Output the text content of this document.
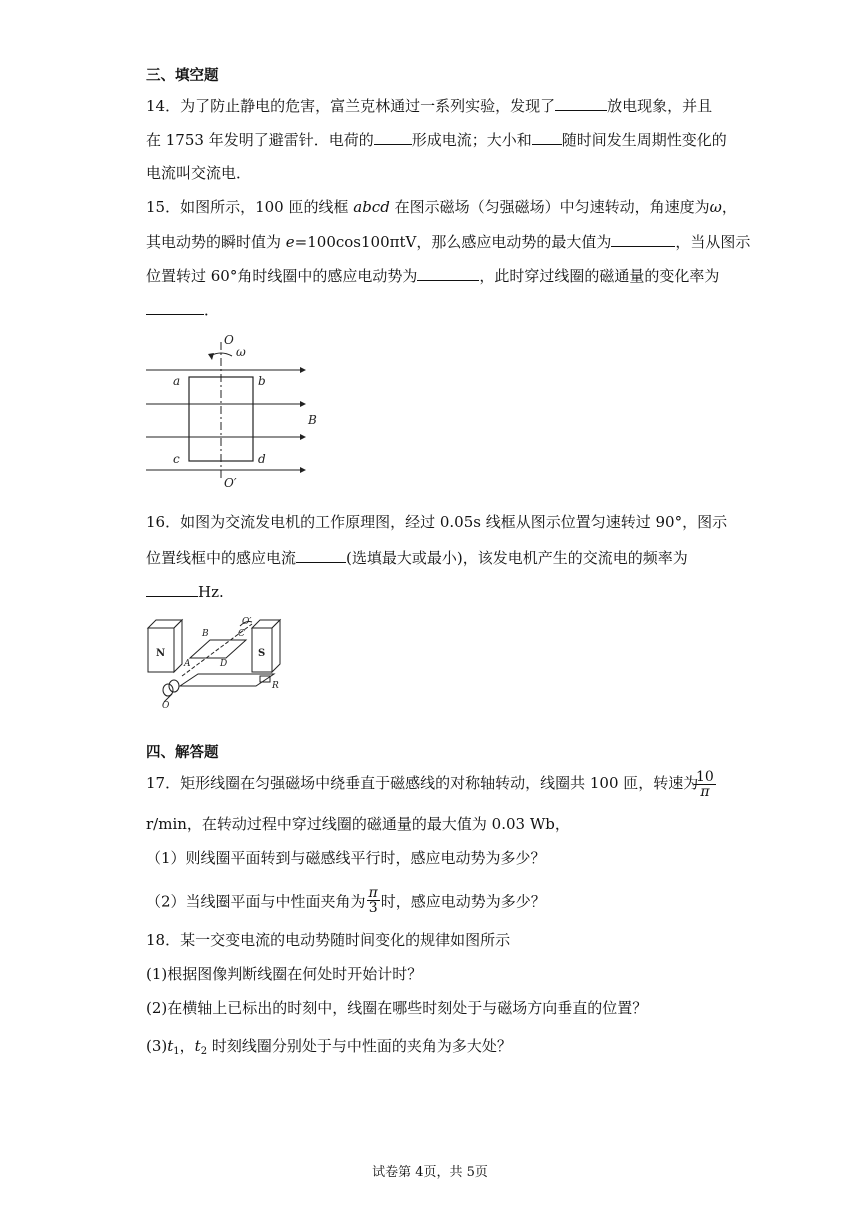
三、填空题
14．为了防止静电的危害，富兰克林通过一系列实验，发现了	放电现象，并且
在 1753 年发明了避雷针．电荷的	形成电流；大小和 随时间发生周期性变化的
电流叫交流电．
15．如图所示，100 匝的线框 abcd 在图示磁场（匀强磁场）中匀速转动，角速度为ω，
其电动势的瞬时值为 e=100cos100πtV，那么感应电动势的最大值为	，当从图示
位置转过 60°角时线圈中的感应电动势为	，此时穿过线圈的磁通量的变化率为
．
O
ω
a	b
c	d
B
O′
16．如图为交流发电机的工作原理图，经过 0.05s 线框从图示位置匀速转过 90°，图示
位置线框中的感应电流	(选填最大或最小)，该发电机产生的交流电的频率为
Hz.
N	S
B	C
D
A
O′
R
O
四、解答题
17．矩形线圈在匀强磁场中绕垂直于磁感线的对称轴转动，线圈共 100 匝，转速为
$\frac{10}{\pi}$
r/min，在转动过程中穿过线圈的磁通量的最大值为 0.03 Wb，
（1）则线圈平面转到与磁感线平行时，感应电动势为多少？
（2）当线圈平面与中性面夹角为 $\frac{\pi}{3}$ 时，感应电动势为多少？
18．某一交变电流的电动势随时间变化的规律如图所示
(1)根据图像判断线圈在何处时开始计时？
(2)在横轴上已标出的时刻中，线圈在哪些时刻处于与磁场方向垂直的位置？
$(3)t_1$，$t_2$ 时刻线圈分别处于与中性面的夹角为多大处？
试卷第 4页，共 5页
